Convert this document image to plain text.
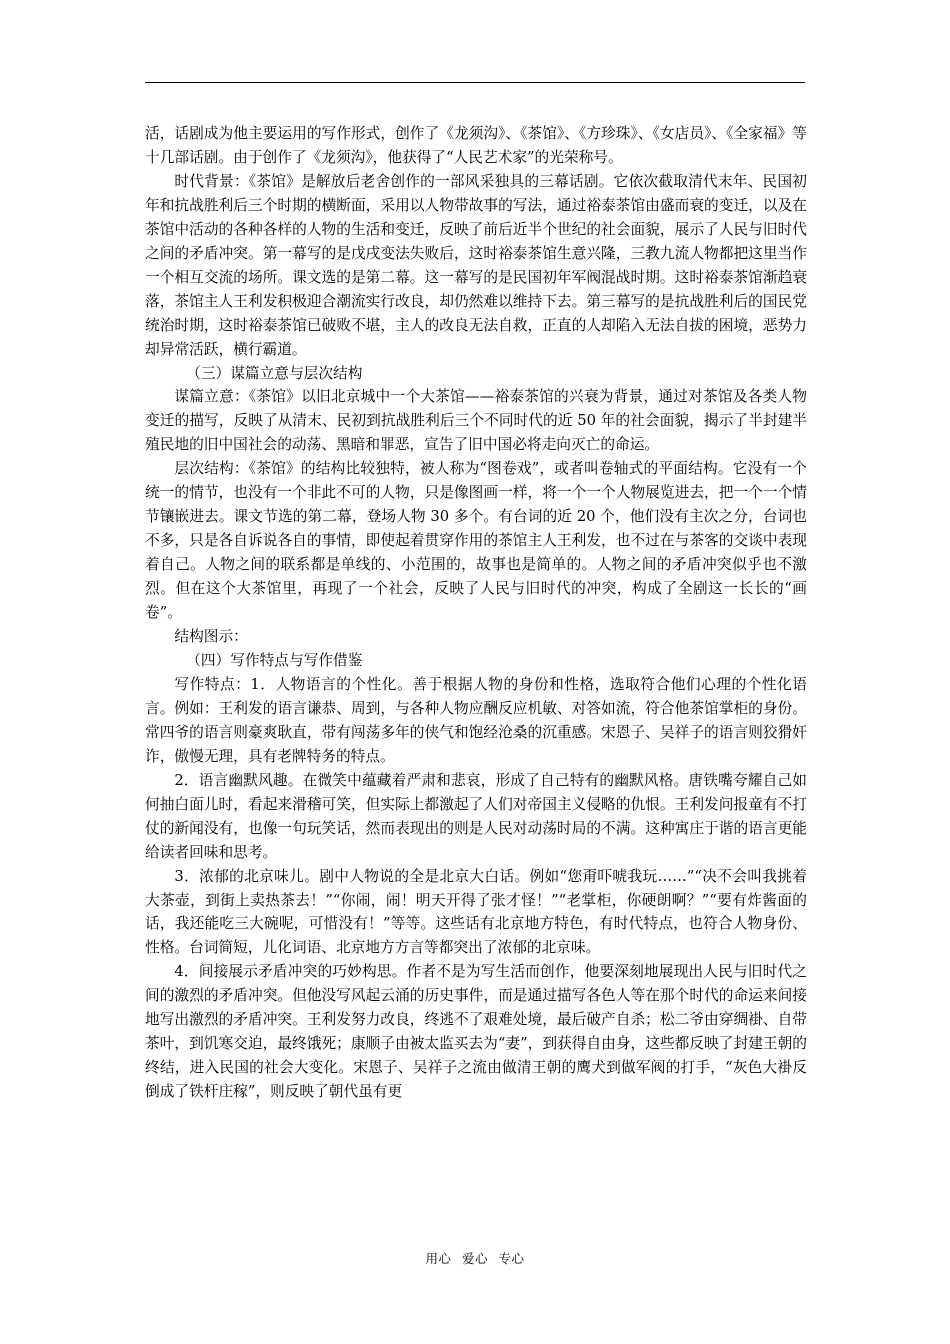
活，话剧成为他主要运用的写作形式，创作了《龙须沟》、《茶馆》、《方珍珠》、《女店员》、《全家福》等十几部话剧。由于创作了《龙须沟》，他获得了“人民艺术家”的光荣称号。

时代背景：《茶馆》是解放后老舍创作的一部风采独具的三幕话剧。它依次截取清代末年、民国初年和抗战胜利后三个时期的横断面，采用以人物带故事的写法，通过裕泰茶馆由盛而衰的变迁，以及在茶馆中活动的各种各样的人物的生活和变迁，反映了前后近半个世纪的社会面貌，展示了人民与旧时代之间的矛盾冲突。第一幕写的是戊戌变法失败后，这时裕泰茶馆生意兴隆，三教九流人物都把这里当作一个相互交流的场所。课文选的是第二幕。这一幕写的是民国初年军阀混战时期。这时裕泰茶馆渐趋衰落，茶馆主人王利发积极迎合潮流实行改良，却仍然难以维持下去。第三幕写的是抗战胜利后的国民党统治时期，这时裕泰茶馆已破败不堪，主人的改良无法自救，正直的人却陷入无法自拔的困境，恶势力却异常活跃，横行霸道。

（三）谋篇立意与层次结构

谋篇立意：《茶馆》以旧北京城中一个大茶馆——裕泰茶馆的兴衰为背景，通过对茶馆及各类人物变迁的描写，反映了从清末、民初到抗战胜利后三个不同时代的近 50 年的社会面貌，揭示了半封建半殖民地的旧中国社会的动荡、黑暗和罪恶，宣告了旧中国必将走向灭亡的命运。

层次结构：《茶馆》的结构比较独特，被人称为“图卷戏”，或者叫卷轴式的平面结构。它没有一个统一的情节，也没有一个非此不可的人物，只是像图画一样，将一个一个人物展览进去，把一个一个情节镶嵌进去。课文节选的第二幕，登场人物 30 多个。有台词的近 20 个，他们没有主次之分，台词也不多，只是各自诉说各自的事情，即使起着贯穿作用的茶馆主人王利发，也不过在与茶客的交谈中表现着自己。人物之间的联系都是单线的、小范围的，故事也是简单的。人物之间的矛盾冲突似乎也不激烈。但在这个大茶馆里，再现了一个社会，反映了人民与旧时代的冲突，构成了全剧这一长长的“画卷”。

结构图示：

（四）写作特点与写作借鉴

写作特点：1．人物语言的个性化。善于根据人物的身份和性格，选取符合他们心理的个性化语言。例如：王利发的语言谦恭、周到，与各种人物应酬反应机敏、对答如流，符合他茶馆掌柜的身份。常四爷的语言则豪爽耿直，带有闯荡多年的侠气和饱经沧桑的沉重感。宋恩子、吴祥子的语言则狡猾奸诈，傲慢无理，具有老牌特务的特点。

2．语言幽默风趣。在微笑中蕴藏着严肃和悲哀，形成了自己特有的幽默风格。唐铁嘴夸耀自己如何抽白面儿时，看起来滑稽可笑，但实际上都激起了人们对帝国主义侵略的仇恨。王利发问报童有不打仗的新闻没有，也像一句玩笑话，然而表现出的则是人民对动荡时局的不满。这种寓庄于谐的语言更能给读者回味和思考。

3．浓郁的北京味儿。剧中人物说的全是北京大白话。例如“您甭吓唬我玩……”“决不会叫我挑着大茶壶，到街上卖热茶去！”“你闹，闹！明天开得了张才怪！”“老掌柜，你硬朗啊？”“要有炸酱面的话，我还能吃三大碗呢，可惜没有！”等等。这些话有北京地方特色，有时代特点，也符合人物身份、性格。台词简短，儿化词语、北京地方方言等都突出了浓郁的北京味。

4．间接展示矛盾冲突的巧妙构思。作者不是为写生活而创作，他要深刻地展现出人民与旧时代之间的激烈的矛盾冲突。但他没写风起云涌的历史事件，而是通过描写各色人等在那个时代的命运来间接地写出激烈的矛盾冲突。王利发努力改良，终逃不了艰难处境，最后破产自杀；松二爷由穿绸褂、自带茶叶，到饥寒交迫，最终饿死；康顺子由被太监买去为“妻”，到获得自由身，这些都反映了封建王朝的终结，进入民国的社会大变化。宋恩子、吴祥子之流由做清王朝的鹰犬到做军阀的打手，“灰色大褂反倒成了铁杆庄稼”，则反映了朝代虽有更

用心 爱心 专心
